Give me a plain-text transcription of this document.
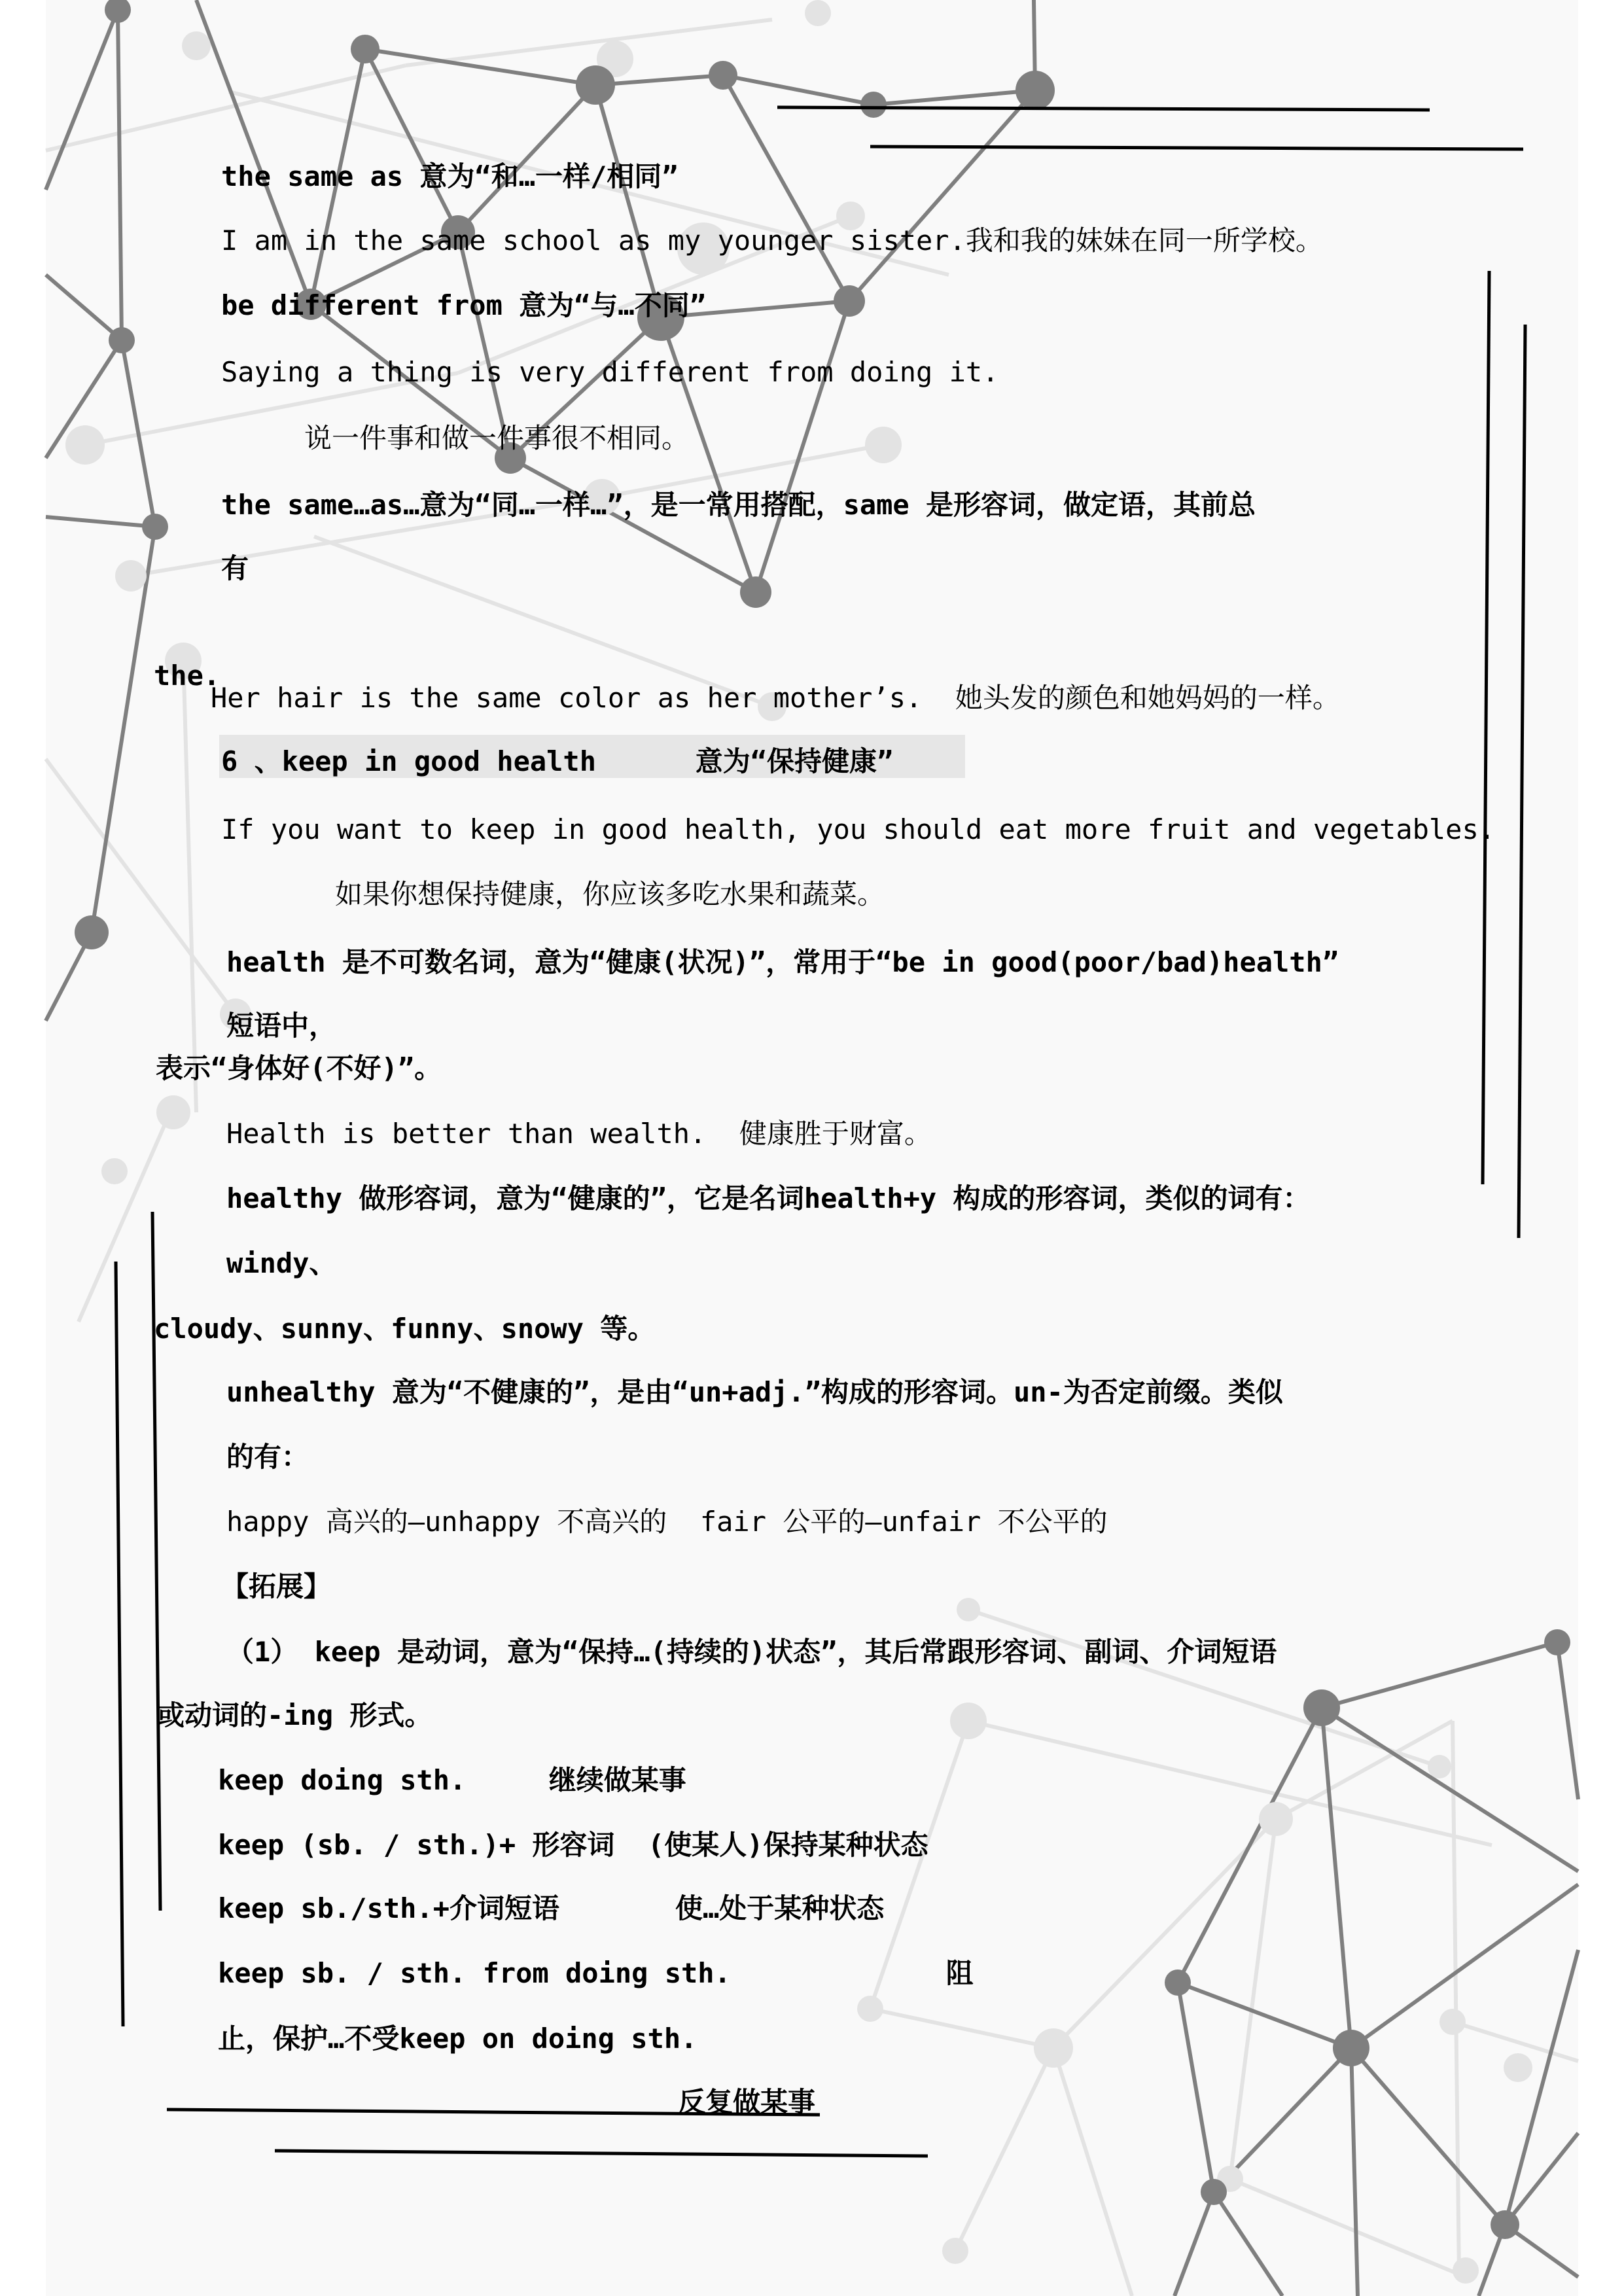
the same as 意为“和…一样/相同”
I am in the same school as my younger sister.我和我的妹妹在同一所学校。
be different from 意为“与…不同”
Saying a thing is very different from doing it.
说一件事和做一件事很不相同。
the same…as…意为“同…一样…”，是一常用搭配，same 是形容词，做定语，其前总
有
the.
Her hair is the same color as her mother’s.  她头发的颜色和她妈妈的一样。
6 、keep in good health      意为“保持健康”
If you want to keep in good health, you should eat more fruit and vegetables.
如果你想保持健康，你应该多吃水果和蔬菜。
health 是不可数名词，意为“健康(状况)”，常用于“be in good(poor/bad)health”
短语中，
表示“身体好(不好)”。
Health is better than wealth.  健康胜于财富。
healthy 做形容词，意为“健康的”，它是名词health+y 构成的形容词，类似的词有：
windy、
cloudy、sunny、funny、snowy 等。
unhealthy 意为“不健康的”，是由“un+adj.”构成的形容词。un-为否定前缀。类似
的有：
happy 高兴的—unhappy 不高兴的  fair 公平的—unfair 不公平的
【拓展】
（1） keep 是动词，意为“保持…(持续的)状态”，其后常跟形容词、副词、介词短语
或动词的-ing 形式。
keep doing sth.     继续做某事
keep (sb. / sth.)+ 形容词  (使某人)保持某种状态
keep sb./sth.+介词短语       使…处于某种状态
keep sb. / sth. from doing sth.             阻
止，保护…不受keep on doing sth.
反复做某事
